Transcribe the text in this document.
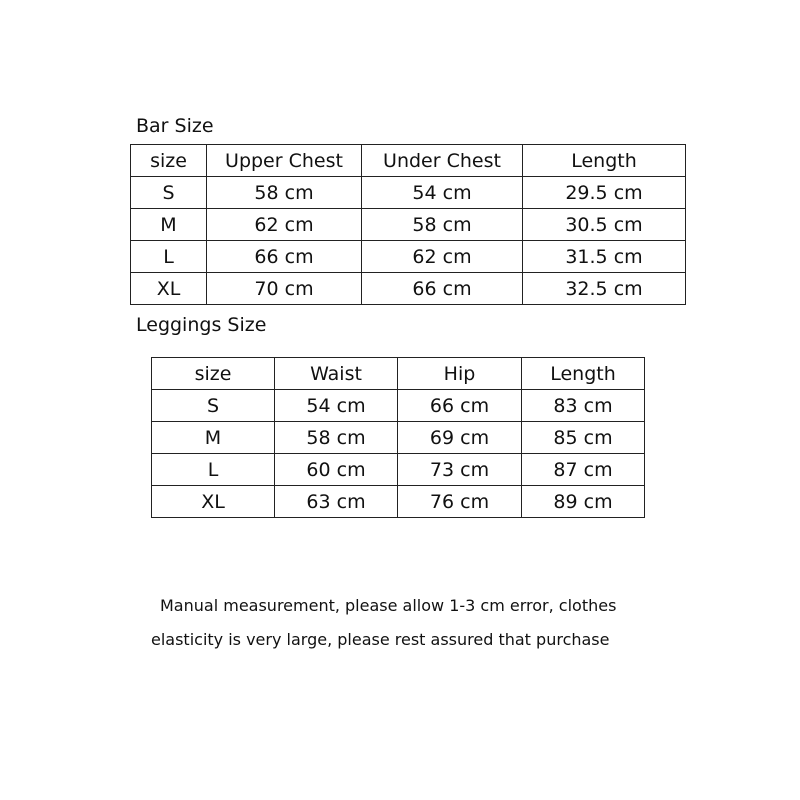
Bar Size
size	Upper Chest	Under Chest	Length
S	58 cm	54 cm	29.5 cm
M	62 cm	58 cm	30.5 cm
L	66 cm	62 cm	31.5 cm
XL	70 cm	66 cm	32.5 cm
Leggings Size
size	Waist	Hip	Length
S	54 cm	66 cm	83 cm
M	58 cm	69 cm	85 cm
L	60 cm	73 cm	87 cm
XL	63 cm	76 cm	89 cm

Manual measurement, please allow 1-3 cm error, clothes

elasticity is very large, please rest assured that purchase
